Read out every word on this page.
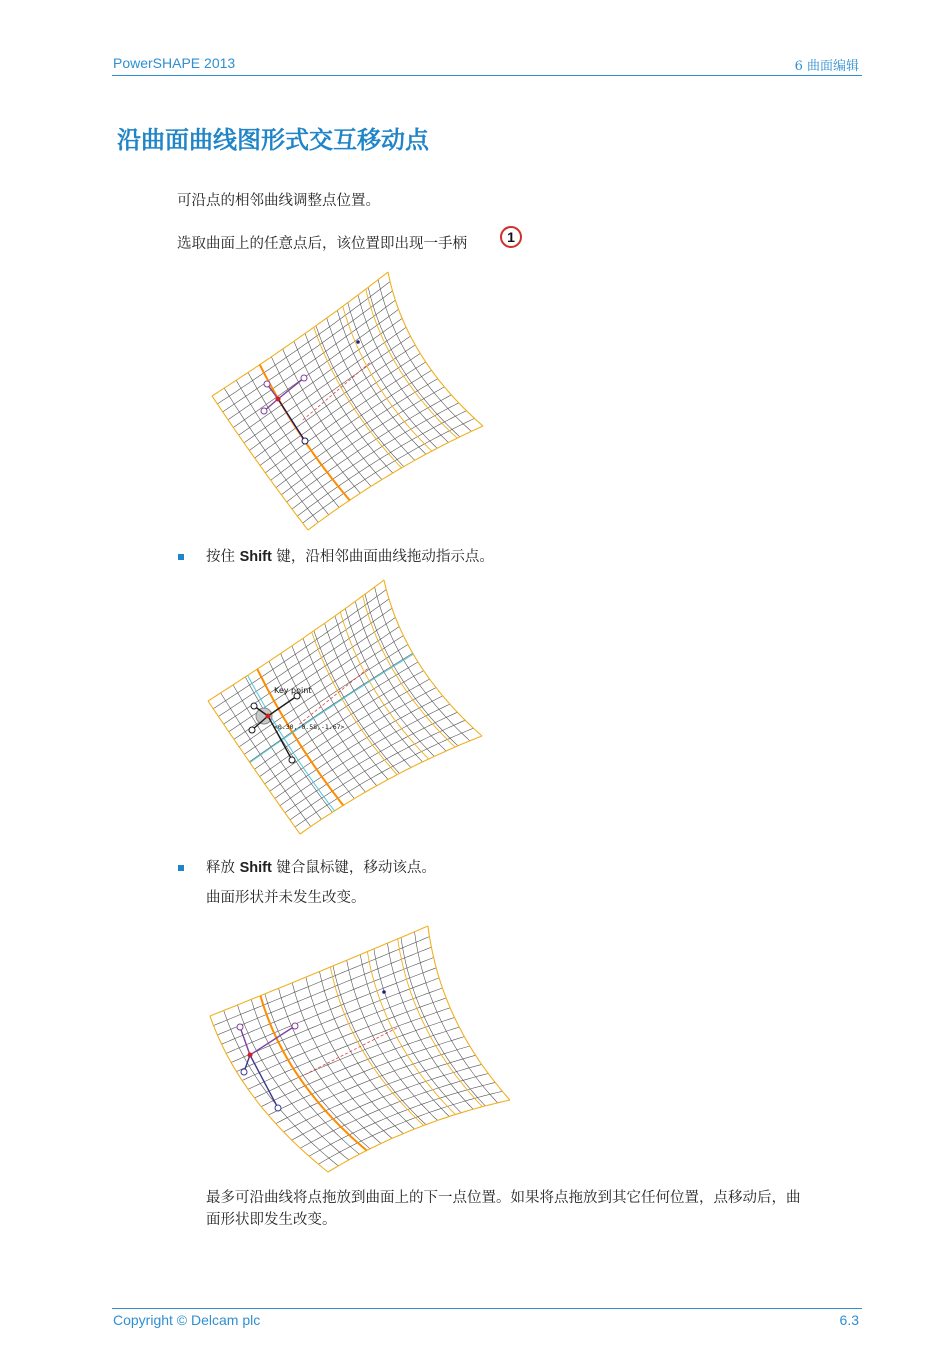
PowerSHAPE 2013	6 曲面编辑
沿曲面曲线图形式交互移动点
可沿点的相邻曲线调整点位置。
选取曲面上的任意点后，该位置即出现一手柄	1
按住 Shift 键，沿相邻曲面曲线拖动指示点。
Key point
<0.30,-0.58,-1.67>
释放 Shift 键合鼠标键，移动该点。
曲面形状并未发生改变。
最多可沿曲线将点拖放到曲面上的下一点位置。如果将点拖放到其它任何位置，点移动后，曲
面形状即发生改变。
Copyright © Delcam plc	6.3
